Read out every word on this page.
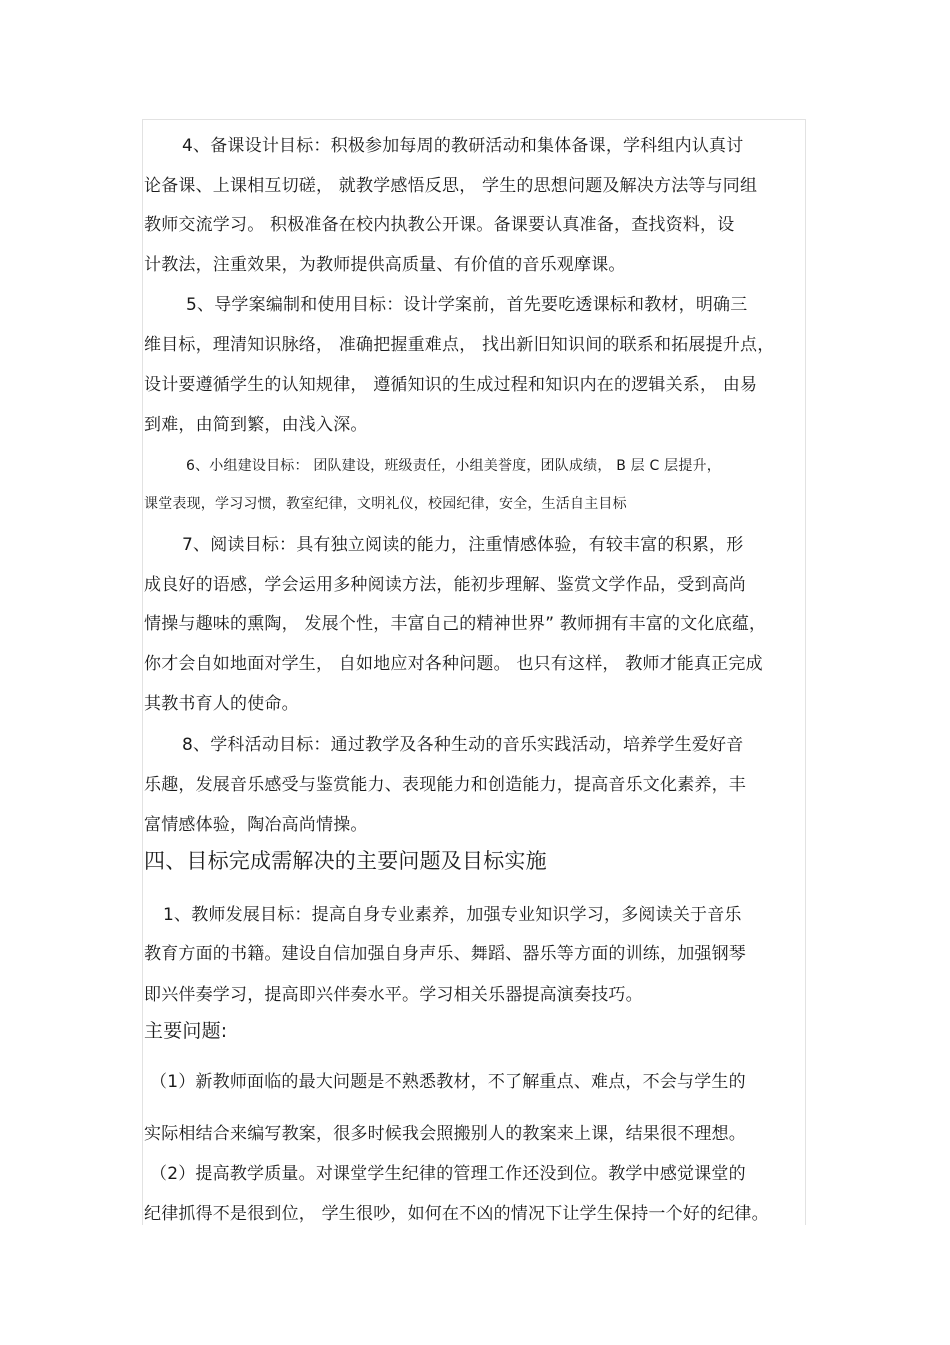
4、备课设计目标：积极参加每周的教研活动和集体备课，学科组内认真讨
论备课、上课相互切磋， 就教学感悟反思， 学生的思想问题及解决方法等与同组
教师交流学习。 积极准备在校内执教公开课。备课要认真准备，查找资料，设
计教法，注重效果，为教师提供高质量、有价值的音乐观摩课。
5、导学案编制和使用目标：设计学案前，首先要吃透课标和教材，明确三
维目标，理清知识脉络， 准确把握重难点， 找出新旧知识间的联系和拓展提升点，
设计要遵循学生的认知规律， 遵循知识的生成过程和知识内在的逻辑关系， 由易
到难，由简到繁，由浅入深。
6、小组建设目标： 团队建设，班级责任，小组美誉度，团队成绩， B 层 C 层提升，
课堂表现，学习习惯，教室纪律，文明礼仪，校园纪律，安全，生活自主目标
7、阅读目标：具有独立阅读的能力，注重情感体验，有较丰富的积累，形
成良好的语感，学会运用多种阅读方法，能初步理解、鉴赏文学作品，受到高尚
情操与趣味的熏陶， 发展个性，丰富自己的精神世界” 教师拥有丰富的文化底蕴，
你才会自如地面对学生， 自如地应对各种问题。 也只有这样， 教师才能真正完成
其教书育人的使命。
8、学科活动目标：通过教学及各种生动的音乐实践活动，培养学生爱好音
乐趣，发展音乐感受与鉴赏能力、表现能力和创造能力，提高音乐文化素养，丰
富情感体验，陶冶高尚情操。
四、目标完成需解决的主要问题及目标实施
1、教师发展目标：提高自身专业素养，加强专业知识学习，多阅读关于音乐
教育方面的书籍。建设自信加强自身声乐、舞蹈、器乐等方面的训练，加强钢琴
即兴伴奏学习，提高即兴伴奏水平。学习相关乐器提高演奏技巧。
主要问题:
（1）新教师面临的最大问题是不熟悉教材，不了解重点、难点，不会与学生的
实际相结合来编写教案，很多时候我会照搬别人的教案来上课，结果很不理想。
（2）提高教学质量。对课堂学生纪律的管理工作还没到位。教学中感觉课堂的
纪律抓得不是很到位， 学生很吵，如何在不凶的情况下让学生保持一个好的纪律。
